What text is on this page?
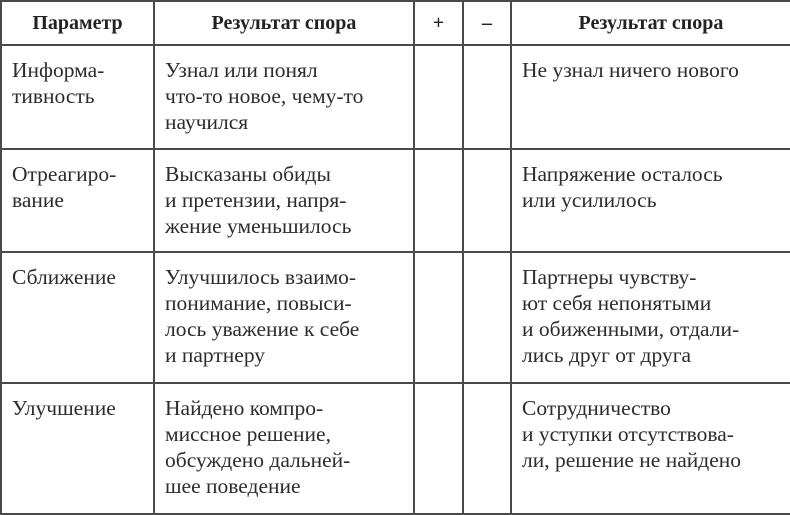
Параметр	Результат спора	+	–	Результат спора

Информа-
тивность	Узнал или понял
что-то новое, чему-то
научился			Не узнал ничего нового

Отреагиро-
вание	Высказаны обиды
и претензии, напря-
жение уменьшилось			Напряжение осталось
или усилилось

Сближение	Улучшилось взаимо-
понимание, повыси-
лось уважение к себе
и партнеру			Партнеры чувству-
ют себя непонятыми
и обиженными, отдали-
лись друг от друга

Улучшение	Найдено компро-
миссное решение,
обсуждено дальней-
шее поведение			Сотрудничество
и уступки отсутствова-
ли, решение не найдено
